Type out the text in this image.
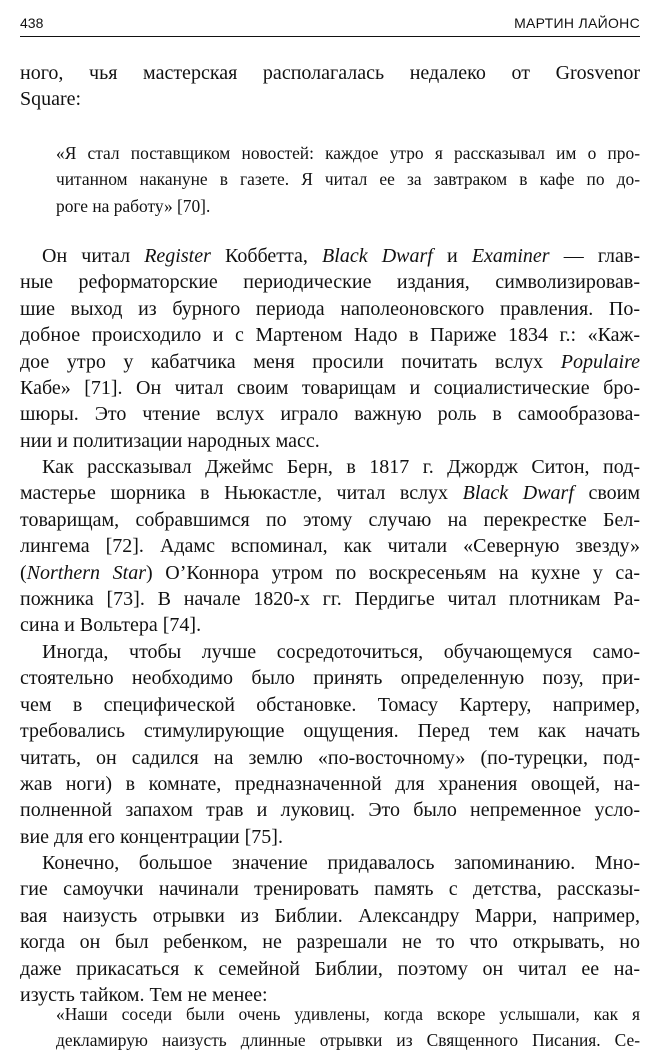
438	МАРТИН ЛАЙОНС
ного, чья мастерская располагалась недалеко от Grosvenor
Square:
«Я стал поставщиком новостей: каждое утро я рассказывал им о про-
читанном накануне в газете. Я читал ее за завтраком в кафе по до-
роге на работу» [70].
Он читал Register Коббетта, Black Dwarf и Examiner — глав-
ные реформаторские периодические издания, символизировав-
шие выход из бурного периода наполеоновского правления. По-
добное происходило и с Мартеном Надо в Париже 1834 г.: «Каж-
дое утро у кабатчика меня просили почитать вслух Populaire
Кабе» [71]. Он читал своим товарищам и социалистические бро-
шюры. Это чтение вслух играло важную роль в самообразова-
нии и политизации народных масс.
Как рассказывал Джеймс Берн, в 1817 г. Джордж Ситон, под-
мастерье шорника в Ньюкастле, читал вслух Black Dwarf своим
товарищам, собравшимся по этому случаю на перекрестке Бел-
лингема [72]. Адамс вспоминал, как читали «Северную звезду»
(Northern Star) О’Коннора утром по воскресеньям на кухне у са-
пожника [73]. В начале 1820-х гг. Пердигье читал плотникам Ра-
сина и Вольтера [74].
Иногда, чтобы лучше сосредоточиться, обучающемуся само-
стоятельно необходимо было принять определенную позу, при-
чем в специфической обстановке. Томасу Картеру, например,
требовались стимулирующие ощущения. Перед тем как начать
читать, он садился на землю «по-восточному» (по-турецки, под-
жав ноги) в комнате, предназначенной для хранения овощей, на-
полненной запахом трав и луковиц. Это было непременное усло-
вие для его концентрации [75].
Конечно, большое значение придавалось запоминанию. Мно-
гие самоучки начинали тренировать память с детства, рассказы-
вая наизусть отрывки из Библии. Александру Марри, например,
когда он был ребенком, не разрешали не то что открывать, но
даже прикасаться к семейной Библии, поэтому он читал ее на-
изусть тайком. Тем не менее:
«Наши соседи были очень удивлены, когда вскоре услышали, как я
декламирую наизусть длинные отрывки из Священного Писания. Се-
